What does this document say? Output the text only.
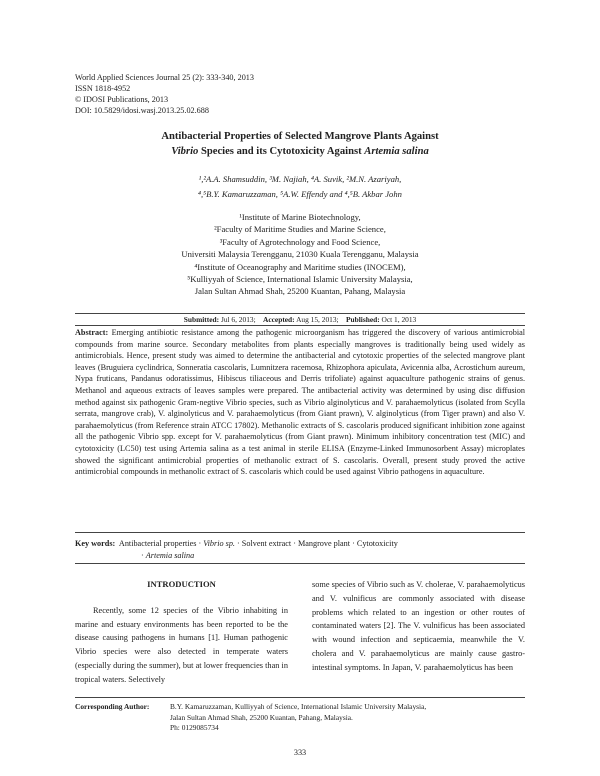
World Applied Sciences Journal 25 (2): 333-340, 2013
ISSN 1818-4952
© IDOSI Publications, 2013
DOI: 10.5829/idosi.wasj.2013.25.02.688
Antibacterial Properties of Selected Mangrove Plants Against
Vibrio Species and its Cytotoxicity Against Artemia salina
¹,²A.A. Shamsuddin, ³M. Najiah, ⁴A. Suvik, ²M.N. Azariyah,
⁴,⁵B.Y. Kamaruzzaman, ⁵A.W. Effendy and ⁴,⁵B. Akbar John
¹Institute of Marine Biotechnology,
²Faculty of Maritime Studies and Marine Science,
³Faculty of Agrotechnology and Food Science,
Universiti Malaysia Terengganu, 21030 Kuala Terengganu, Malaysia
⁴Institute of Oceanography and Maritime studies (INOCEM),
⁵Kulliyyah of Science, International Islamic University Malaysia,
Jalan Sultan Ahmad Shah, 25200 Kuantan, Pahang, Malaysia
Submitted: Jul 6, 2013; Accepted: Aug 15, 2013; Published: Oct 1, 2013
Abstract: Emerging antibiotic resistance among the pathogenic microorganism has triggered the discovery of various antimicrobial compounds from marine source. Secondary metabolites from plants especially mangroves is traditionally being used widely as antimicrobials. Hence, present study was aimed to determine the antibacterial and cytotoxic properties of the selected mangrove plant leaves (Bruguiera cyclindrica, Sonneratia cascolaris, Lumnitzera racemosa, Rhizophora apiculata, Avicennia alba, Acrostichum aureum, Nypa fruticans, Pandanus odoratissimus, Hibiscus tiliaceous and Derris trifoliate) against aquaculture pathogenic strains of genus. Methanol and aqueous extracts of leaves samples were prepared. The antibacterial activity was determined by using disc diffusion method against six pathogenic Gram-negtive Vibrio species, such as Vibrio alginolyticus and V. parahaemolyticus (isolated from Scylla serrata, mangrove crab), V. alginolyticus and V. parahaemolyticus (from Giant prawn), V. alginolyticus (from Tiger prawn) and also V. parahaemolyticus (from Reference strain ATCC 17802). Methanolic extracts of S. cascolaris produced significant inhibition zone against all the pathogenic Vibrio spp. except for V. parahaemolyticus (from Giant prawn). Minimum inhibitory concentration test (MIC) and cytotoxicity (LC50) test using Artemia salina as a test animal in sterile ELISA (Enzyme-Linked Immunosorbent Assay) microplates showed the significant antimicrobial properties of methanolic extract of S. cascolaris. Overall, present study proved the active antimicrobial compounds in methanolic extract of S. cascolaris which could be used against Vibrio pathogens in aquaculture.
Key words: Antibacterial properties · Vibrio sp. · Solvent extract · Mangrove plant · Cytotoxicity
· Artemia salina
INTRODUCTION

Recently, some 12 species of the Vibrio inhabiting in marine and estuary environments has been reported to be the disease causing pathogens in humans [1]. Human pathogenic Vibrio species were also detected in temperate waters (especially during the summer), but at lower frequencies than in tropical waters. Selectively

some species of Vibrio such as V. cholerae, V. parahaemolyticus and V. vulnificus are commonly associated with disease problems which related to an ingestion or other routes of contaminated waters [2]. The V. vulnificus has been associated with wound infection and septicaemia, meanwhile the V. cholera and V. parahaemolyticus are mainly cause gastro-intestinal symptoms. In Japan, V. parahaemolyticus has been

Corresponding Author:	B.Y. Kamaruzzaman, Kulliyyah of Science, International Islamic University Malaysia,
Jalan Sultan Ahmad Shah, 25200 Kuantan, Pahang, Malaysia.
Ph: 0129085734
333
